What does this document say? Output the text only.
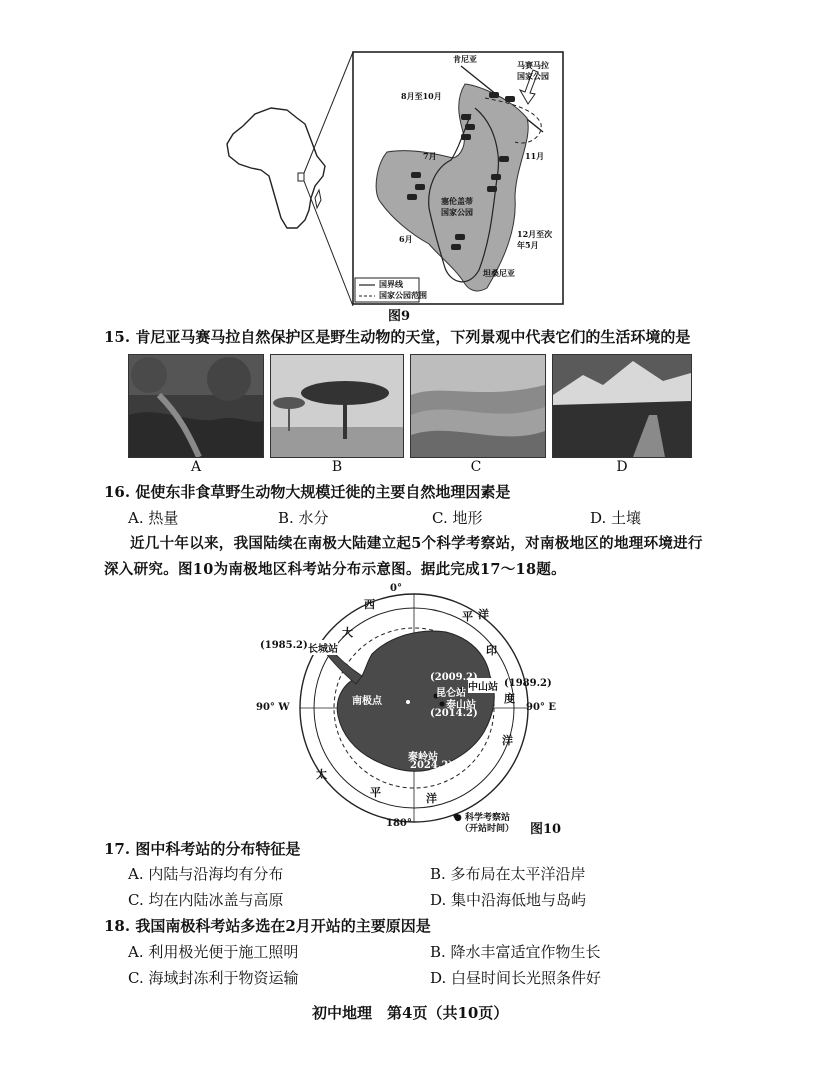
肯尼亚
马赛马拉
国家公园
8月至10月
7月	11月
塞伦盖蒂
国家公园
6月	12月至次
年5月
坦桑尼亚
国界线
国家公园范围
图9
15. 肯尼亚马赛马拉自然保护区是野生动物的天堂，下列景观中代表它们的生活环境的是
A	B	C	D
16. 促使东非食草野生动物大规模迁徙的主要自然地理因素是
A. 热量	B. 水分	C. 地形	D. 土壤
近几十年以来，我国陆续在南极大陆建立起5个科学考察站，对南极地区的地理环境进行
深入研究。图10为南极地区科考站分布示意图。据此完成17～18题。
0°
180°
90° W	90° E
西
大
平
印
洋
度
洋
太
平	洋
(1985.2) 长城站
中山站 (1989.2)
(2009.2)
昆仑站
泰山站
(2014.2)
南极点
秦岭站
2024.2)
● 科学考察站
（开站时间） 图10
17. 图中科考站的分布特征是
A. 内陆与沿海均有分布	B. 多布局在太平洋沿岸
C. 均在内陆冰盖与高原	D. 集中沿海低地与岛屿
18. 我国南极科考站多选在2月开站的主要原因是
A. 利用极光便于施工照明	B. 降水丰富适宜作物生长
C. 海域封冻利于物资运输	D. 白昼时间长光照条件好
初中地理　第4页（共10页）
